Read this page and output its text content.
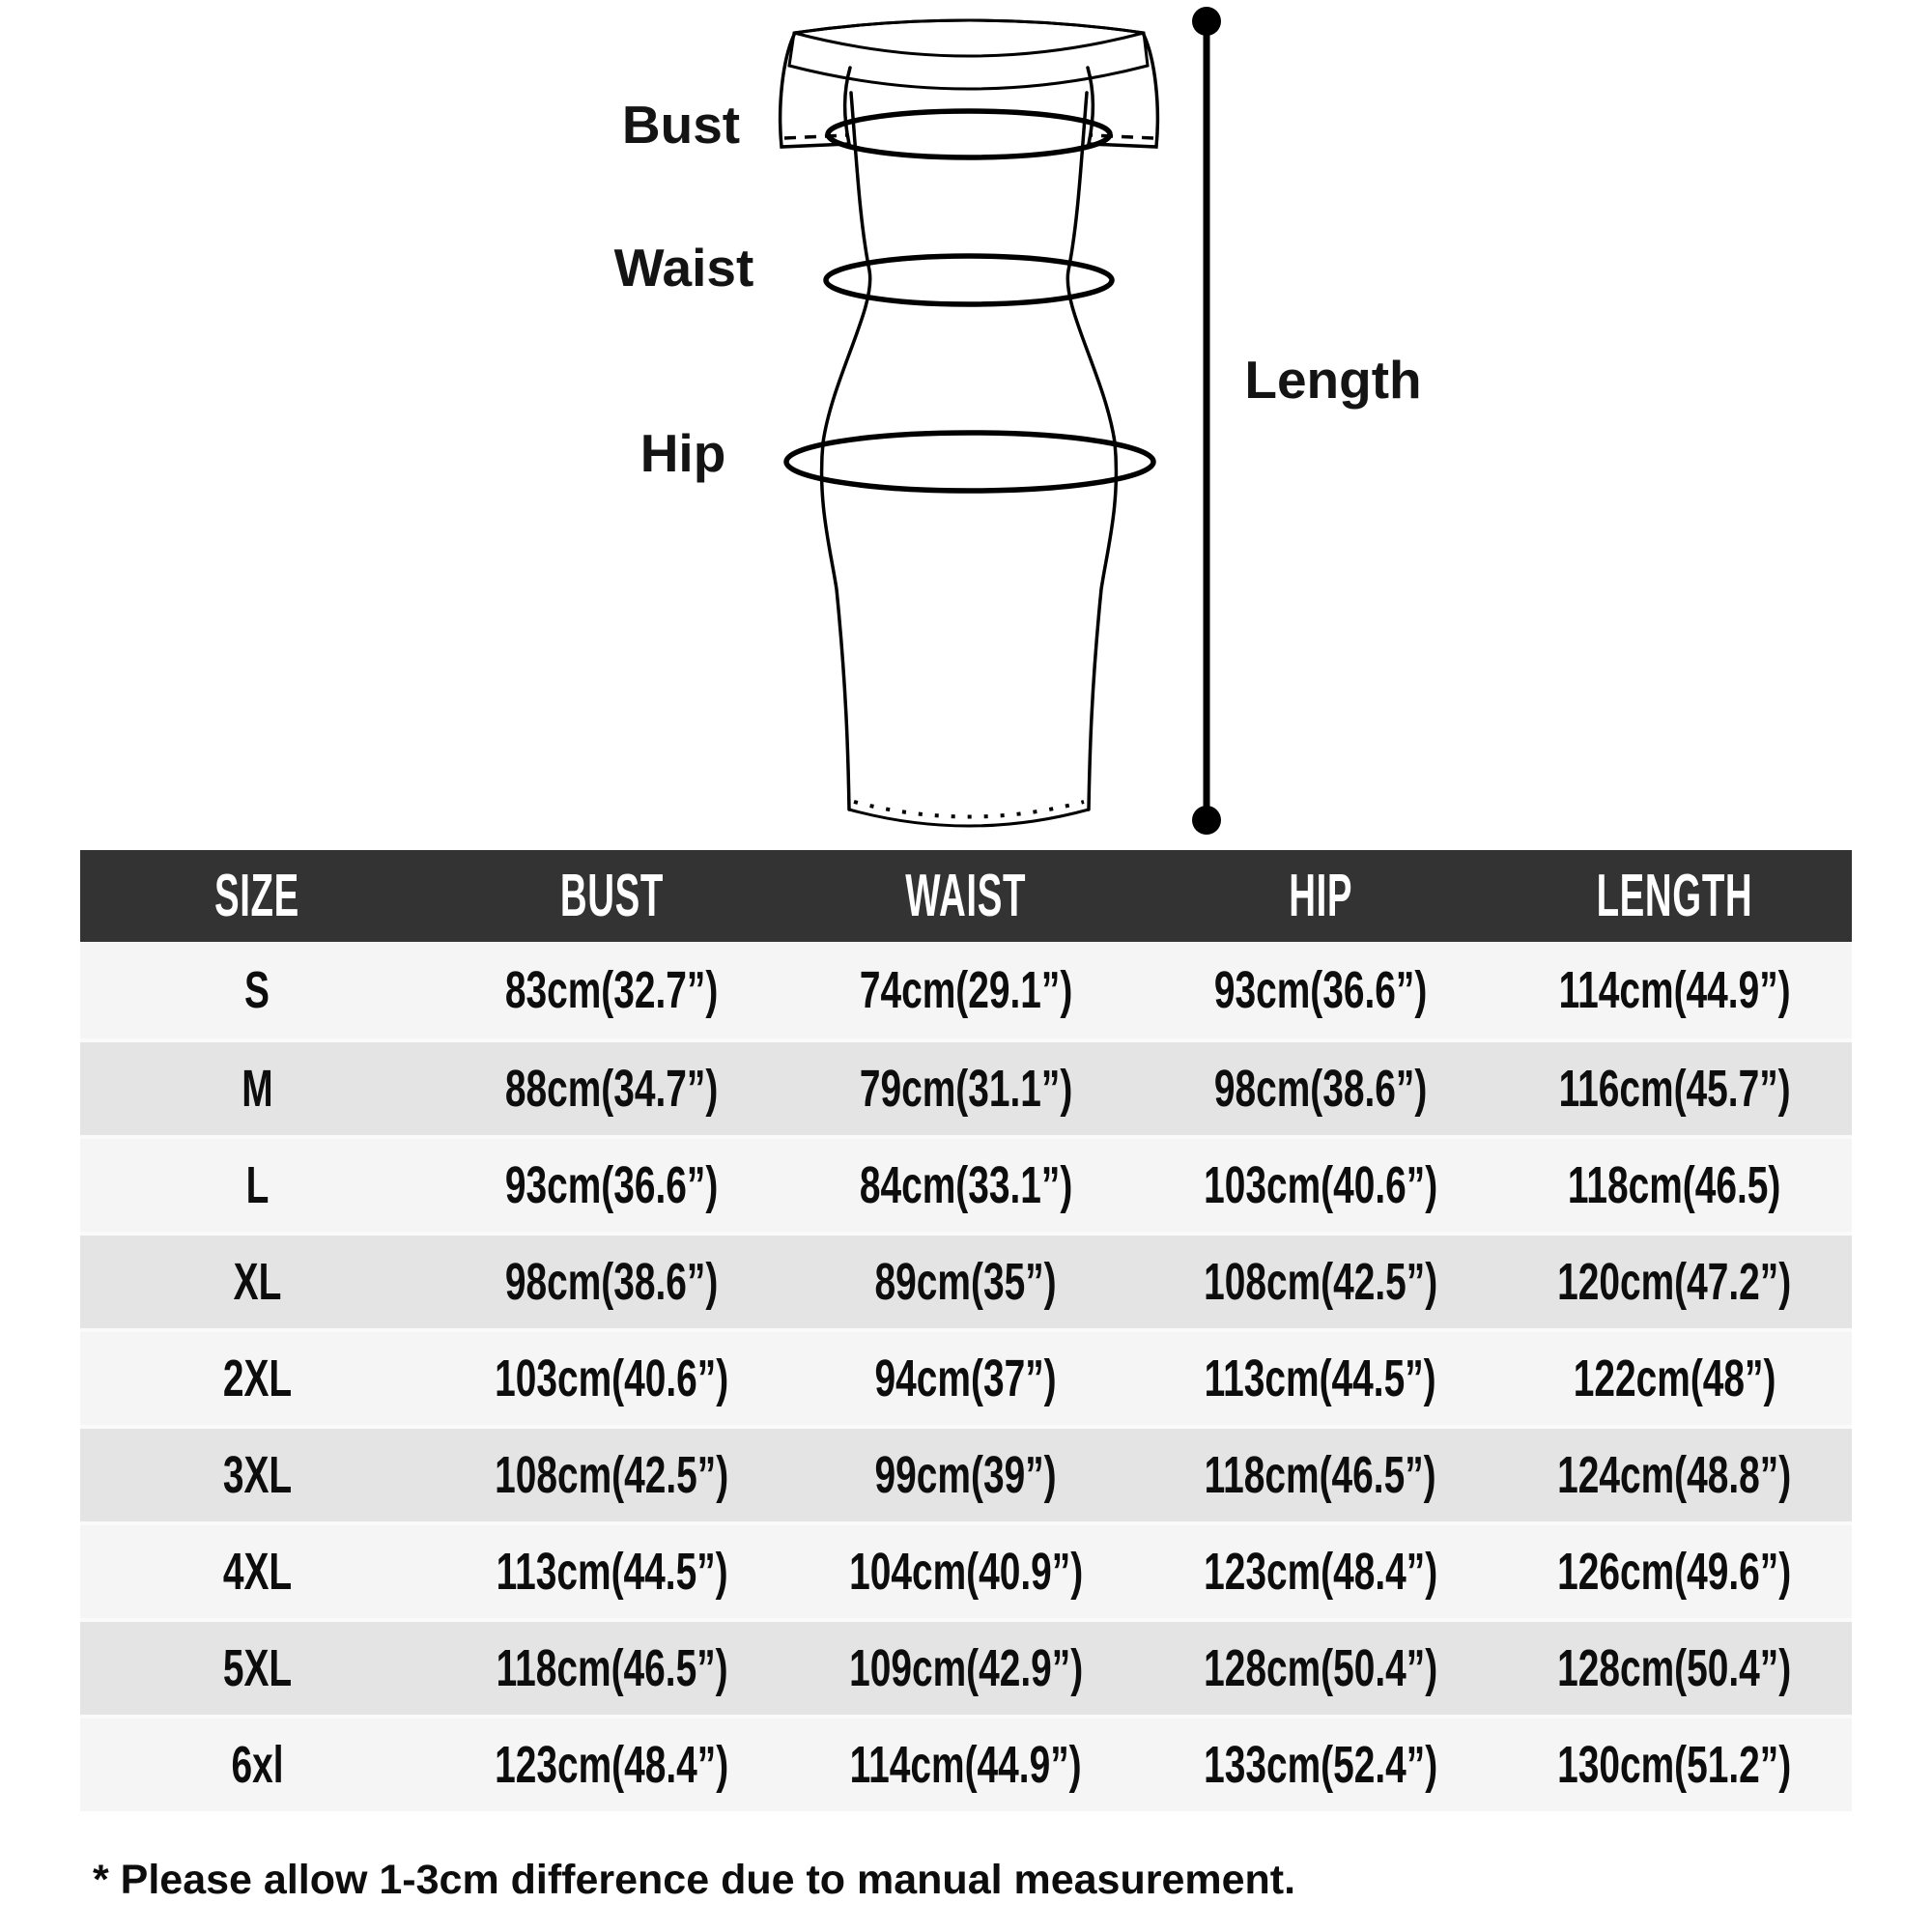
Bust
Waist
Hip
Length
SIZE	BUST	WAIST	HIP	LENGTH
S	83cm(32.7”)	74cm(29.1”)	93cm(36.6”)	114cm(44.9”)
M	88cm(34.7”)	79cm(31.1”)	98cm(38.6”)	116cm(45.7”)
L	93cm(36.6”)	84cm(33.1”)	103cm(40.6”)	118cm(46.5)
XL	98cm(38.6”)	89cm(35”)	108cm(42.5”) 120cm(47.2”)
2XL	103cm(40.6”)	94cm(37”)	113cm(44.5”)	122cm(48”)
3XL	108cm(42.5”)	99cm(39”)	118cm(46.5”) 124cm(48.8”)
4XL	113cm(44.5”) 104cm(40.9”) 123cm(48.4”) 126cm(49.6”)
5XL	118cm(46.5”) 109cm(42.9”) 128cm(50.4”) 128cm(50.4”)
6xl	123cm(48.4”) 114cm(44.9”) 133cm(52.4”) 130cm(51.2”)
* Please allow 1-3cm difference due to manual measurement.
